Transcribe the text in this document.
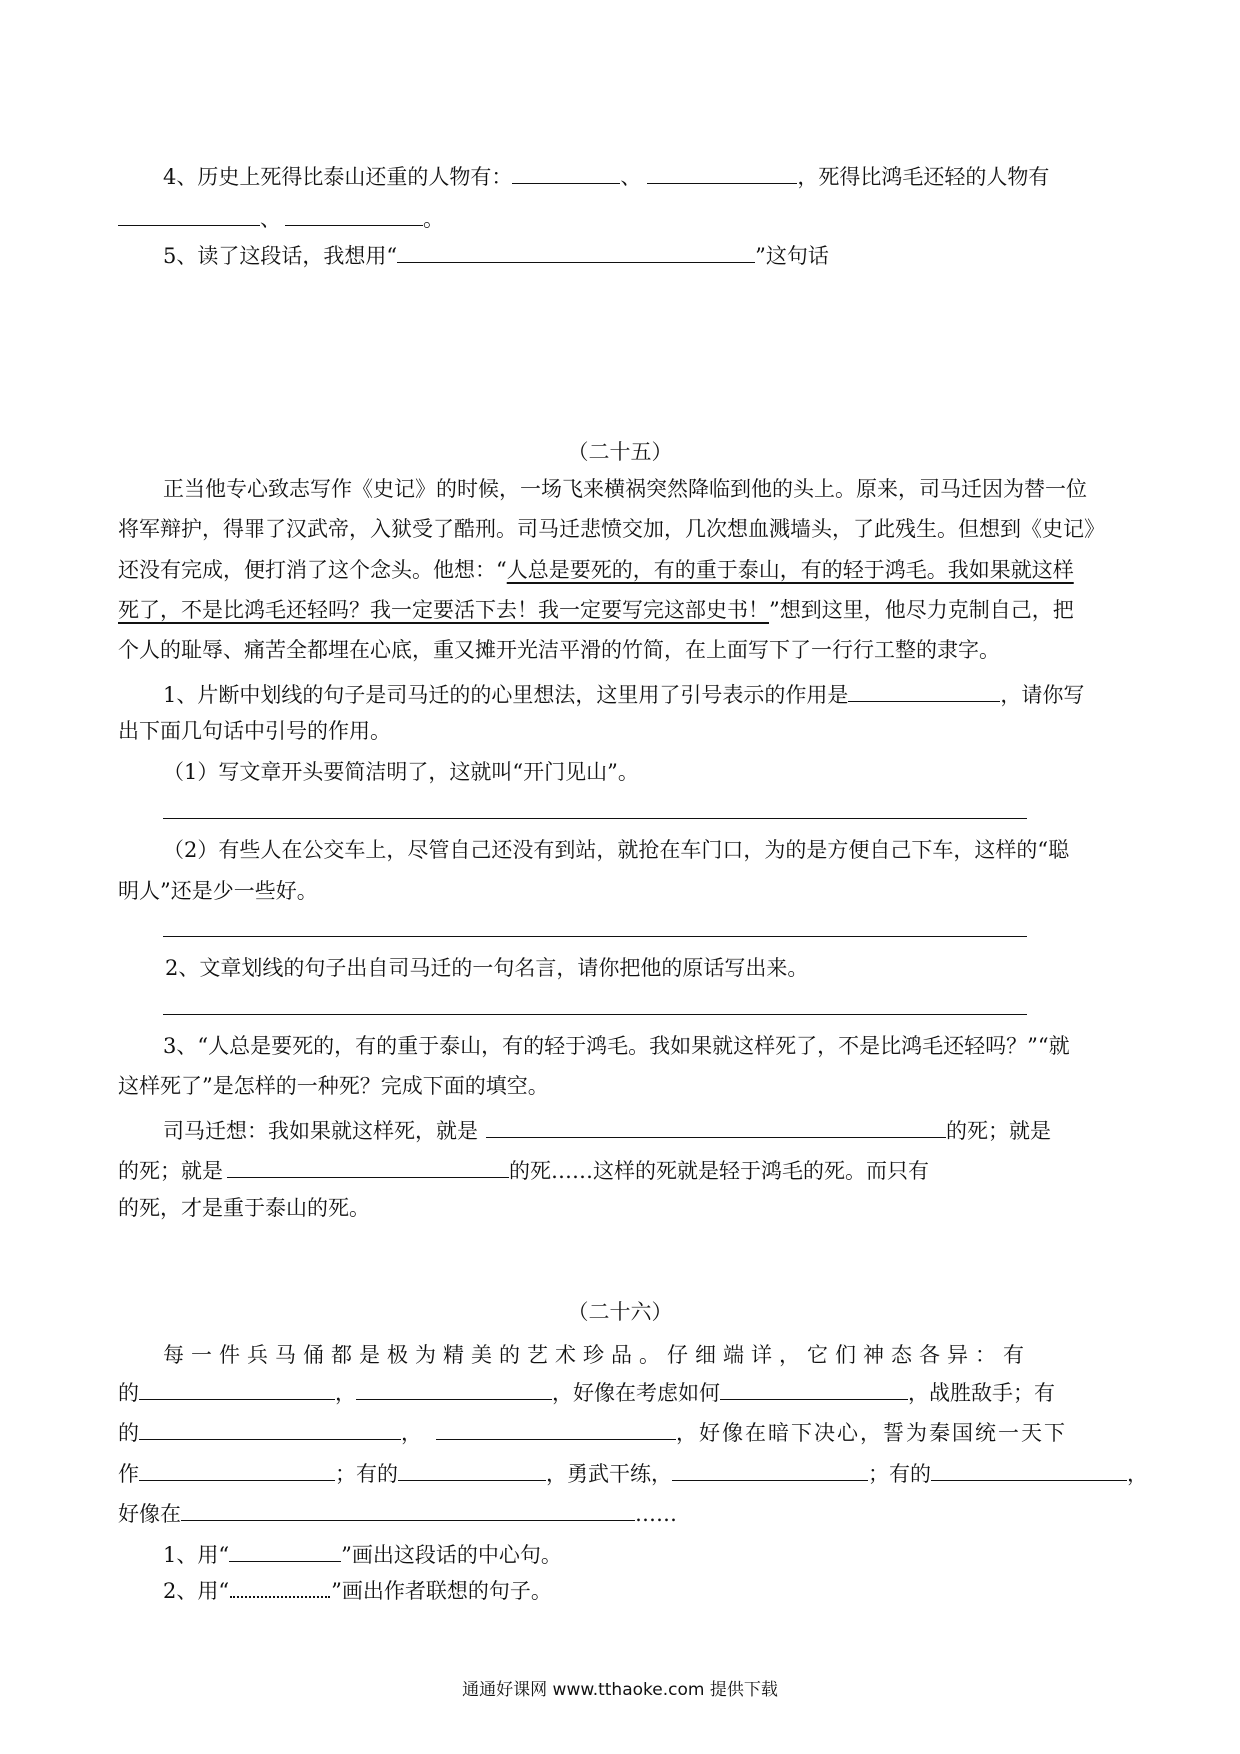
4、历史上死得比泰山还重的人物有：	、	，死得比鸿毛还轻的人物有
、	。
5、读了这段话，我想用“	”这句话
（二十五）
正当他专心致志写作《史记》的时候，一场飞来横祸突然降临到他的头上。原来，司马迁因为替一位
将军辩护，得罪了汉武帝，入狱受了酷刑。司马迁悲愤交加，几次想血溅墙头，了此残生。但想到《史记》
还没有完成，便打消了这个念头。他想：“人总是要死的，有的重于泰山，有的轻于鸿毛。我如果就这样
死了，不是比鸿毛还轻吗？我一定要活下去！我一定要写完这部史书！”想到这里，他尽力克制自己，把
个人的耻辱、痛苦全都埋在心底，重又摊开光洁平滑的竹简，在上面写下了一行行工整的隶字。
1、片断中划线的句子是司马迁的的心里想法，这里用了引号表示的作用是	，请你写
出下面几句话中引号的作用。
（1）写文章开头要简洁明了，这就叫“开门见山”。
（2）有些人在公交车上，尽管自己还没有到站，就抢在车门口，为的是方便自己下车，这样的“聪
明人”还是少一些好。
2、文章划线的句子出自司马迁的一句名言，请你把他的原话写出来。
3、“人总是要死的，有的重于泰山，有的轻于鸿毛。我如果就这样死了，不是比鸿毛还轻吗？”“就
这样死了”是怎样的一种死？完成下面的填空。
司马迁想：我如果就这样死，就是	的死；就是
的死；就是	的死……这样的死就是轻于鸿毛的死。而只有
的死，才是重于泰山的死。
（二十六）
每一件兵马俑都是极为精美的艺术珍品。仔细端详，它们神态各异：有
的	，	，好像在考虑如何	，战胜敌手；有
的	，	，好像在暗下决心，誓为秦国统一天下
作	；有的	，勇武干练，	；有的	，
好像在	……
1、用“	”画出这段话的中心句。
2、用“	”画出作者联想的句子。
通通好课网 www.tthaoke.com 提供下载
